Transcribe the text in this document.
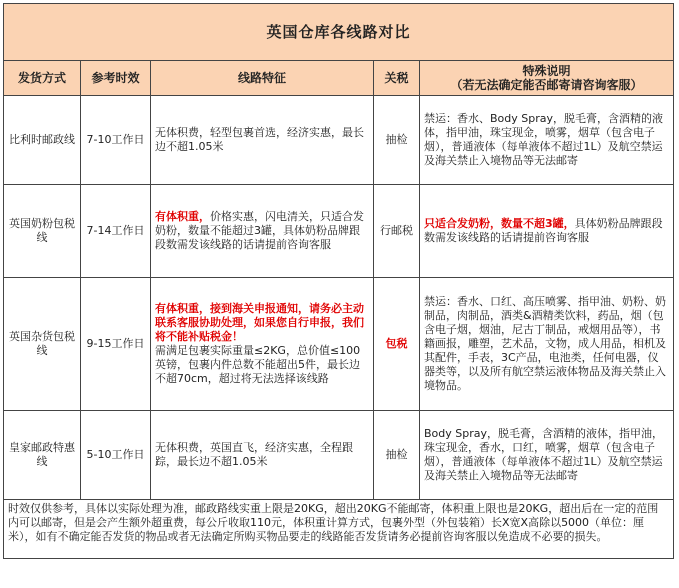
英国仓库各线路对比				
发货方式	参考时效	线路特征	关税	特殊说明
（若无法确定能否邮寄请咨询客服）

比利时邮政线	7-10工作日	无体积费，轻型包裹首选，经济实惠，最长边不超1.05米	抽检	禁运：香水、Body Spray，脱毛膏，含酒精的液体，指甲油，珠宝现金，喷雾，烟草（包含电子烟），普通液体（每单液体不超过1L）及航空禁运及海关禁止入境物品等无法邮寄
英国奶粉包税线	7-14工作日	有体积重，价格实惠，闪电清关，只适合发奶粉，数量不能超过3罐，具体奶粉品牌跟段数需发该线路的话请提前咨询客服	行邮税	只适合发奶粉，数量不超3罐，具体奶粉品牌跟段数需发该线路的话请提前咨询客服
英国杂货包税线	9-15工作日	有体积重，接到海关申报通知，请务必主动联系客服协助处理，如果您自行申报，我们将不能补贴税金！
需满足包裹实际重量≤2KG，总价值≤100英镑，包裹内件总数不能超出5件，最长边不超70cm，超过将无法选择该线路	包税	禁运：香水、口红、高压喷雾、指甲油、奶粉、奶制品，肉制品，酒类&酒精类饮料，药品，烟（包含电子烟，烟油，尼古丁制品，戒烟用品等），书籍画报，雕塑，艺术品，文物，成人用品，相机及其配件，手表，3C产品，电池类，任何电器，仪器类等，以及所有航空禁运液体物品及海关禁止入境物品。
皇家邮政特惠线	5-10工作日	无体积费，英国直飞，经济实惠，全程跟踪，最长边不超1.05米	抽检	Body Spray，脱毛膏，含酒精的液体，指甲油，珠宝现金，香水，口红，喷雾，烟草（包含电子烟），普通液体（每单液体不超过1L）及航空禁运及海关禁止入境物品等无法邮寄
时效仅供参考，具体以实际处理为准，邮政路线实重上限是20KG，超出20KG不能邮寄，体积重上限也是20KG，超出后在一定的范围内可以邮寄，但是会产生额外超重费，每公斤收取110元，体积重计算方式，包裹外型（外包装箱）长X宽X高除以5000（单位：厘米），如有不确定能否发货的物品或者无法确定所购买物品要走的线路能否发货请务必提前咨询客服以免造成不必要的损失。				
